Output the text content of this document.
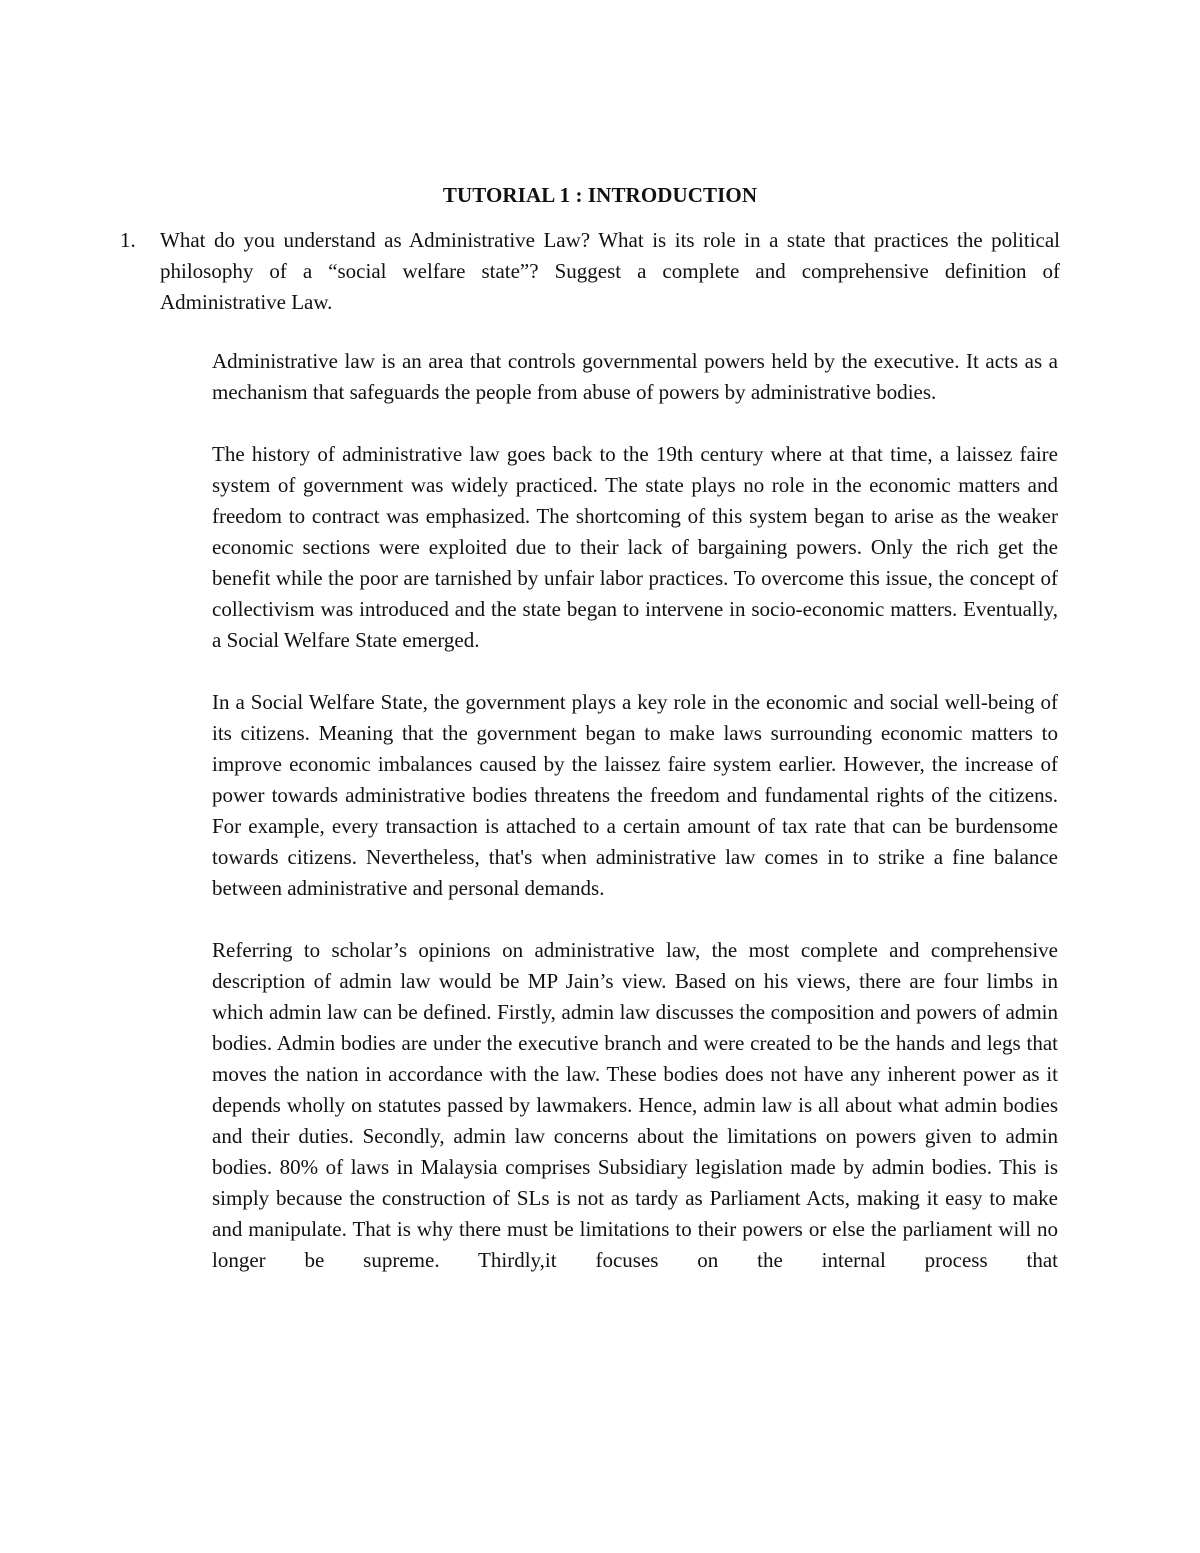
TUTORIAL 1 : INTRODUCTION
1.	What do you understand as Administrative Law? What is its role in a state that practices the political philosophy of a “social welfare state”? Suggest a complete and comprehensive definition of Administrative Law.

Administrative law is an area that controls governmental powers held by the executive. It acts as a mechanism that safeguards the people from abuse of powers by administrative bodies.

The history of administrative law goes back to the 19th century where at that time, a laissez faire system of government was widely practiced. The state plays no role in the economic matters and freedom to contract was emphasized. The shortcoming of this system began to arise as the weaker economic sections were exploited due to their lack of bargaining powers. Only the rich get the benefit while the poor are tarnished by unfair labor practices. To overcome this issue, the concept of collectivism was introduced and the state began to intervene in socio-economic matters. Eventually, a Social Welfare State emerged.

In a Social Welfare State, the government plays a key role in the economic and social well-being of its citizens. Meaning that the government began to make laws surrounding economic matters to improve economic imbalances caused by the laissez faire system earlier. However, the increase of power towards administrative bodies threatens the freedom and fundamental rights of the citizens. For example, every transaction is attached to a certain amount of tax rate that can be burdensome towards citizens. Nevertheless, that's when administrative law comes in to strike a fine balance between administrative and personal demands.

Referring to scholar’s opinions on administrative law, the most complete and comprehensive description of admin law would be MP Jain’s view. Based on his views, there are four limbs in which admin law can be defined. Firstly, admin law discusses the composition and powers of admin bodies. Admin bodies are under the executive branch and were created to be the hands and legs that moves the nation in accordance with the law. These bodies does not have any inherent power as it depends wholly on statutes passed by lawmakers. Hence, admin law is all about what admin bodies and their duties. Secondly, admin law concerns about the limitations on powers given to admin bodies. 80% of laws in Malaysia comprises Subsidiary legislation made by admin bodies. This is simply because the construction of SLs is not as tardy as Parliament Acts, making it easy to make and manipulate. That is why there must be limitations to their powers or else the parliament will no longer be supreme. Thirdly,it focuses on the internal process that
